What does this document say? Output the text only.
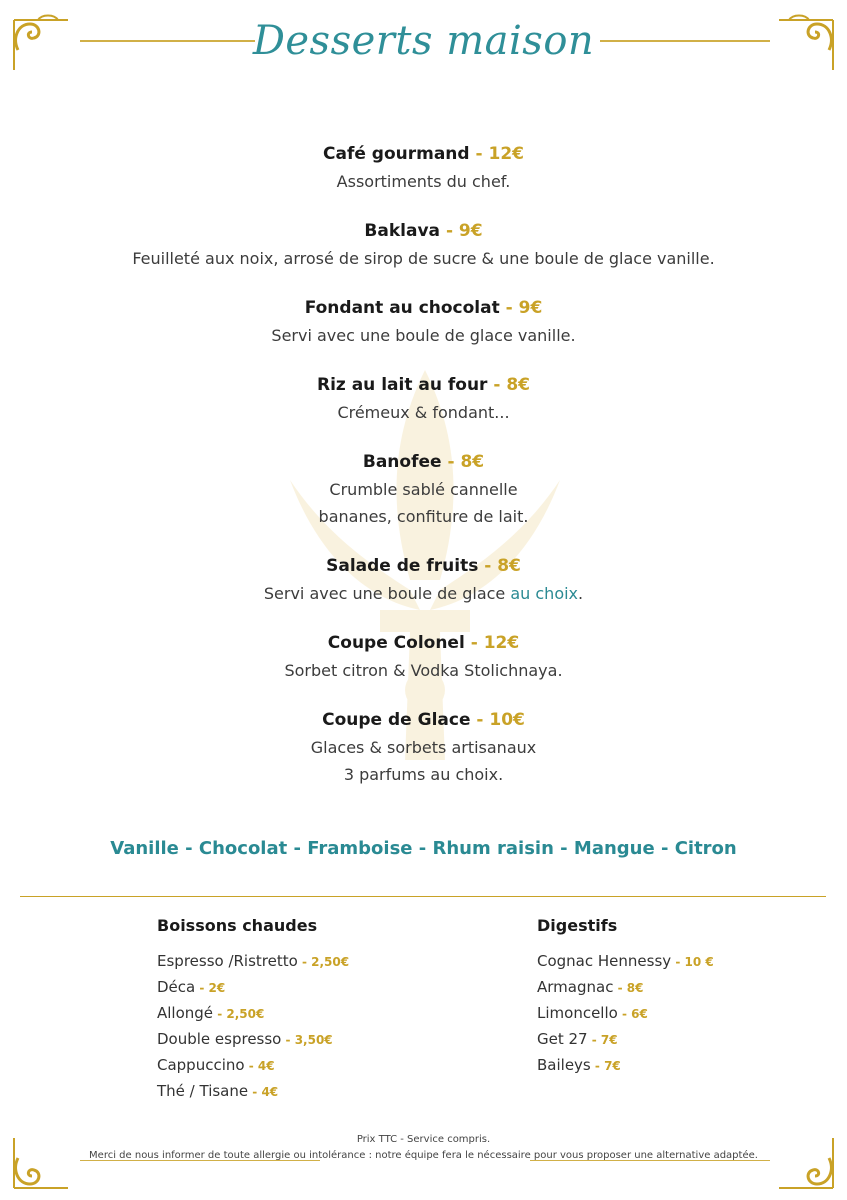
Desserts maison
Café gourmand - 12€
Assortiments du chef.
Baklava - 9€
Feuilleté aux noix, arrosé de sirop de sucre & une boule de glace vanille.
Fondant au chocolat - 9€
Servi avec une boule de glace vanille.
Riz au lait au four - 8€
Crémeux & fondant...
Banofee - 8€
Crumble sablé cannelle
bananes, confiture de lait.
Salade de fruits - 8€
Servi avec une boule de glace au choix.
Coupe Colonel - 12€
Sorbet citron & Vodka Stolichnaya.
Coupe de Glace - 10€
Glaces & sorbets artisanaux
3 parfums au choix.
Vanille - Chocolat - Framboise - Rhum raisin - Mangue - Citron
Boissons chaudes
Espresso /Ristretto - 2,50€
Déca - 2€
Allongé - 2,50€
Double espresso - 3,50€
Cappuccino - 4€
Thé / Tisane - 4€
Digestifs
Cognac Hennessy - 10 €
Armagnac - 8€
Limoncello - 6€
Get 27 - 7€
Baileys - 7€
Prix TTC - Service compris.
Merci de nous informer de toute allergie ou intolérance : notre équipe fera le nécessaire pour vous proposer une alternative adaptée.
